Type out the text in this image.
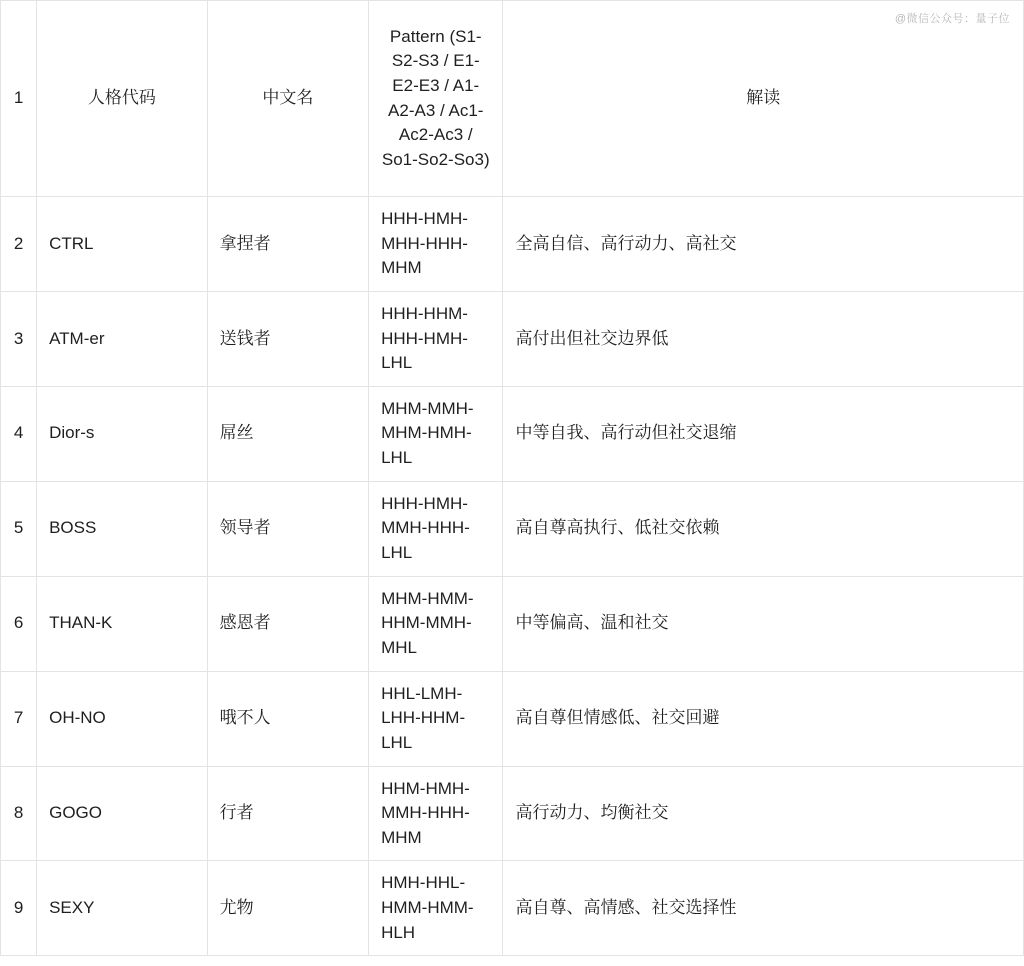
@微信公众号：量子位
1	人格代码	中文名	Pattern (S1-S2-S3 / E1-E2-E3 / A1-A2-A3 / Ac1-Ac2-Ac3 / So1-So2-So3)	解读
2	CTRL	拿捏者	HHH-HMH-MHH-HHH-MHM	全高自信、高行动力、高社交
3	ATM-er	送钱者	HHH-HHM-HHH-HMH-LHL	高付出但社交边界低
4	Dior-s	屌丝	MHM-MMH-MHM-HMH-LHL	中等自我、高行动但社交退缩
5	BOSS	领导者	HHH-HMH-MMH-HHH-LHL	高自尊高执行、低社交依赖
6	THAN-K	感恩者	MHM-HMM-HHM-MMH-MHL	中等偏高、温和社交
7	OH-NO	哦不人	HHL-LMH-LHH-HHM-LHL	高自尊但情感低、社交回避
8	GOGO	行者	HHM-HMH-MMH-HHH-MHM	高行动力、均衡社交
9	SEXY	尤物	HMH-HHL-HMM-HMM-HLH	高自尊、高情感、社交选择性
